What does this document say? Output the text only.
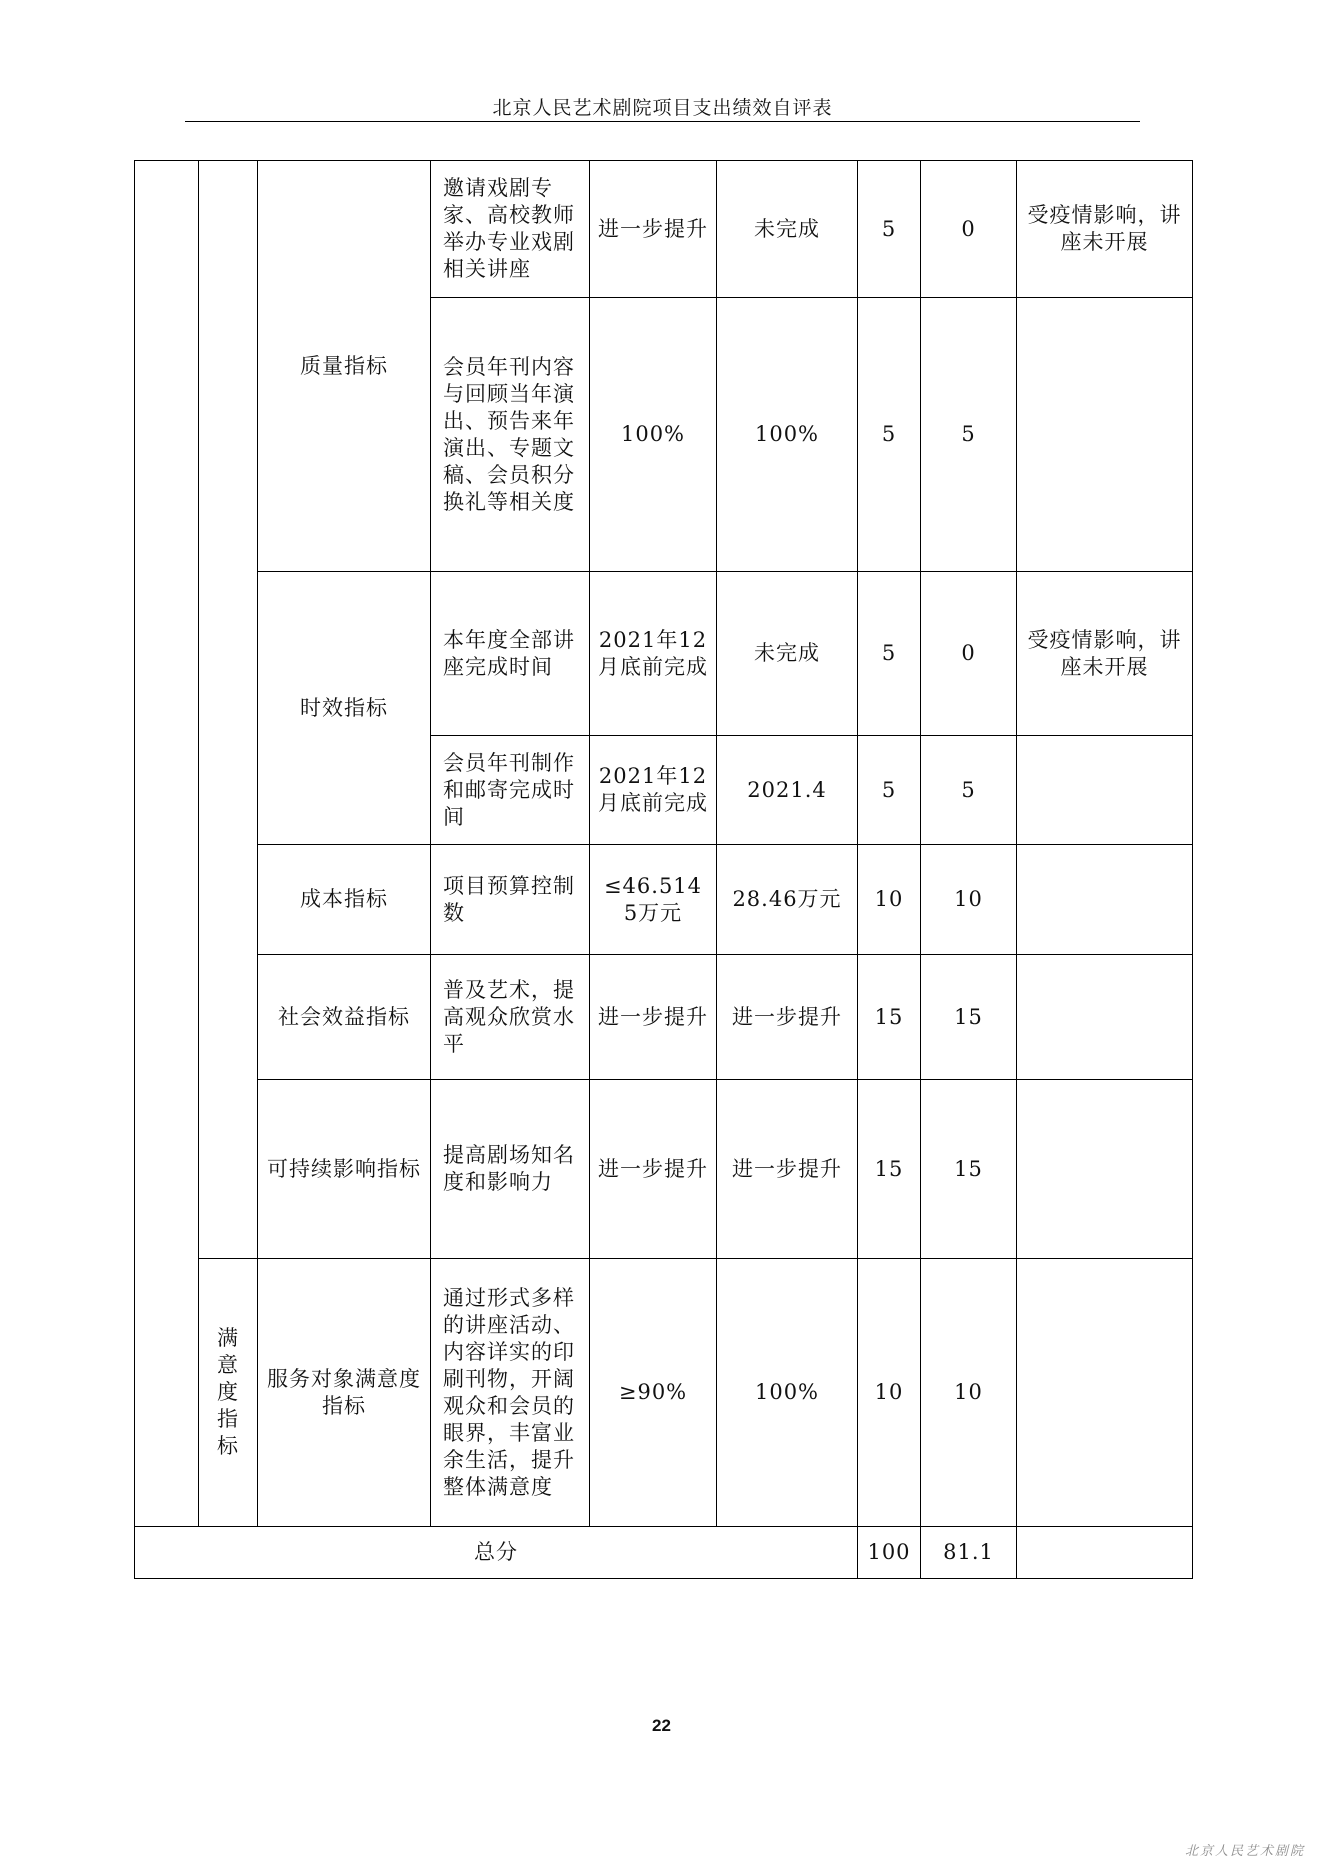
北京人民艺术剧院项目支出绩效自评表
		质量指标	邀请戏剧专家、高校教师举办专业戏剧相关讲座	进一步提升	未完成	5	0	受疫情影响，讲座未开展
			会员年刊内容与回顾当年演出、预告来年演出、专题文稿、会员积分换礼等相关度	100%	100%	5	5	
		时效指标	本年度全部讲座完成时间	2021年12月底前完成	未完成	5	0	受疫情影响，讲座未开展
			会员年刊制作和邮寄完成时间	2021年12月底前完成	2021.4	5	5	
		成本指标	项目预算控制数	≤46.5145万元	28.46万元	10	10	
		社会效益指标	普及艺术，提高观众欣赏水平	进一步提升	进一步提升	15	15	
		可持续影响指标	提高剧场知名度和影响力	进一步提升	进一步提升	15	15	
	满意度指标	服务对象满意度指标	通过形式多样的讲座活动、内容详实的印刷刊物，开阔观众和会员的眼界，丰富业余生活，提升整体满意度	≥90%	100%	10	10	
总分						100	81.1	
22
北京人民艺术剧院
